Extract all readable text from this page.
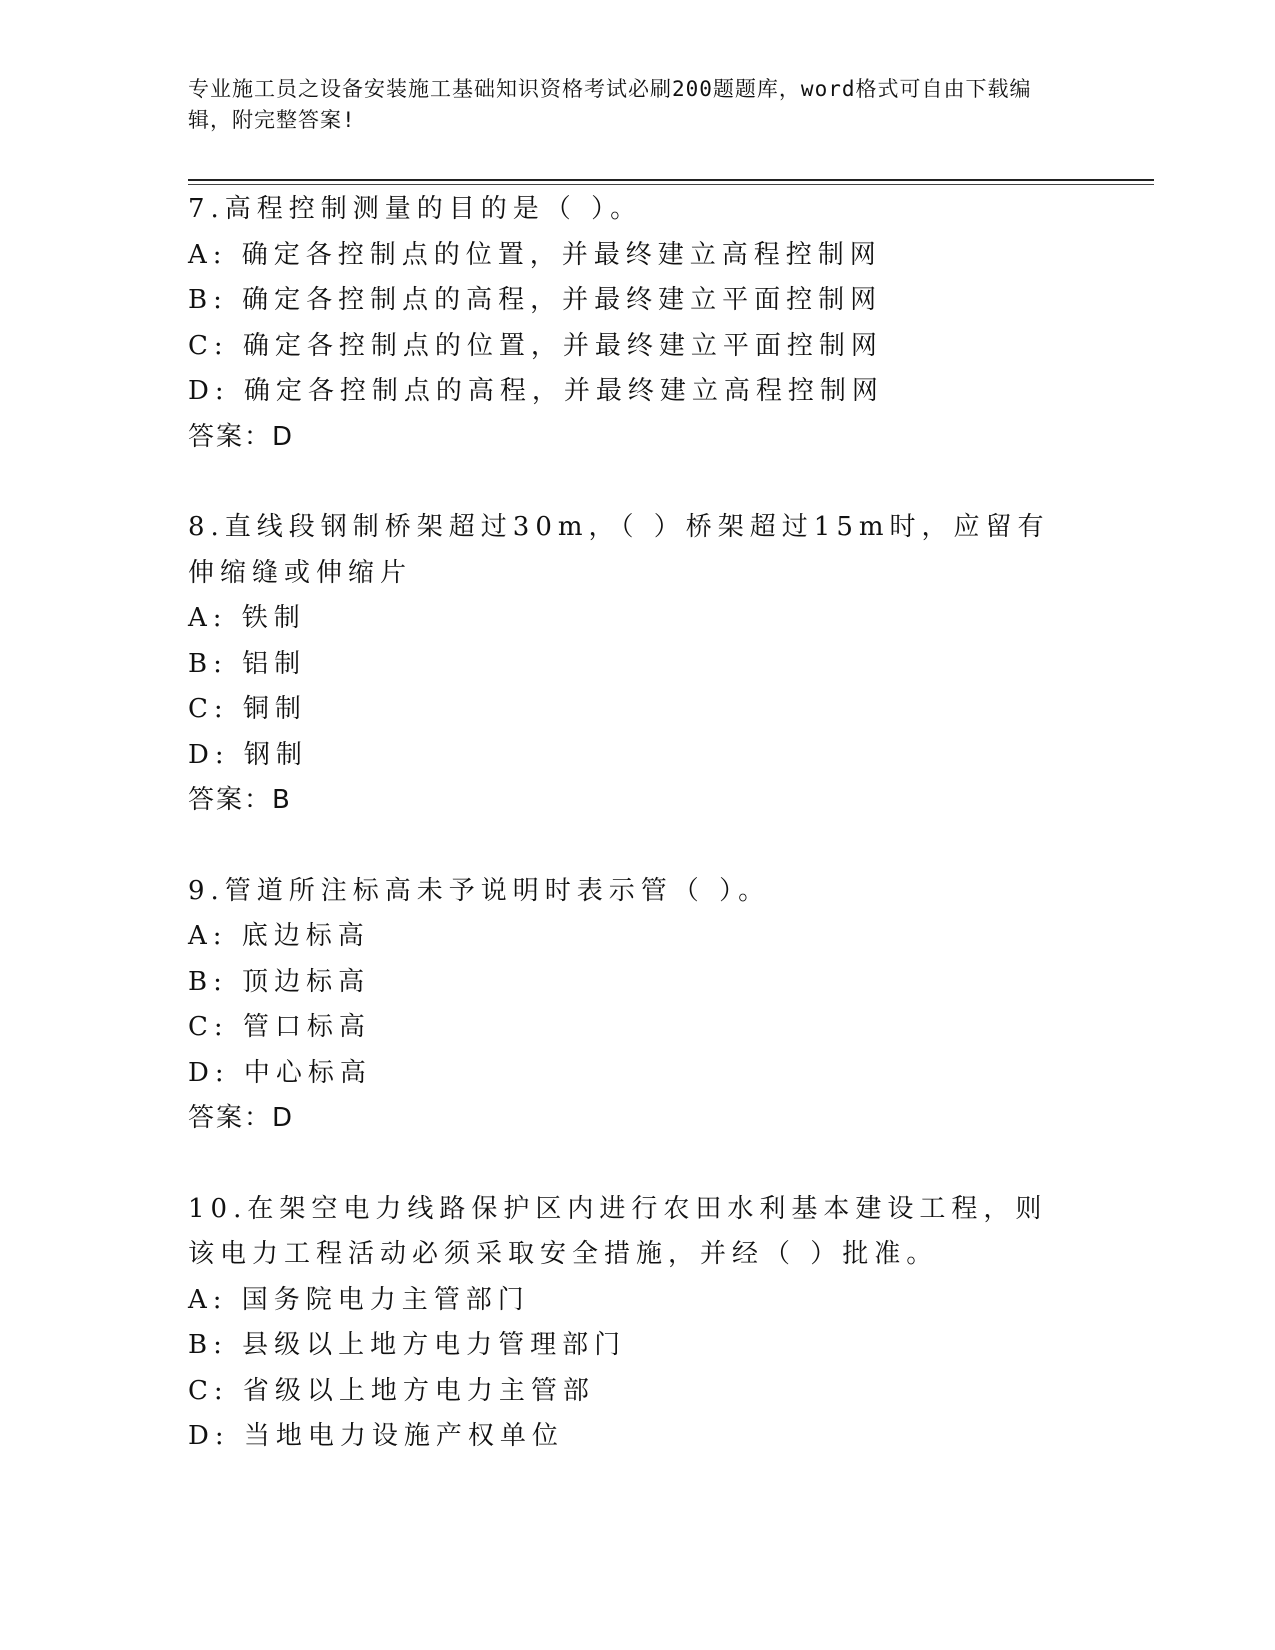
专业施工员之设备安装施工基础知识资格考试必刷200题题库，word格式可自由下载编辑，附完整答案!
7.高程控制测量的目的是（ ）。
A: 确定各控制点的位置，并最终建立高程控制网
B: 确定各控制点的高程，并最终建立平面控制网
C: 确定各控制点的位置，并最终建立平面控制网
D: 确定各控制点的高程，并最终建立高程控制网
答案：D
8.直线段钢制桥架超过30m，（ ）桥架超过15m时，应留有伸缩缝或伸缩片
A: 铁制
B: 铝制
C: 铜制
D: 钢制
答案：B
9.管道所注标高未予说明时表示管（ ）。
A: 底边标高
B: 顶边标高
C: 管口标高
D: 中心标高
答案：D
10.在架空电力线路保护区内进行农田水利基本建设工程，则该电力工程活动必须采取安全措施，并经（ ）批准。
A: 国务院电力主管部门
B: 县级以上地方电力管理部门
C: 省级以上地方电力主管部
D: 当地电力设施产权单位
